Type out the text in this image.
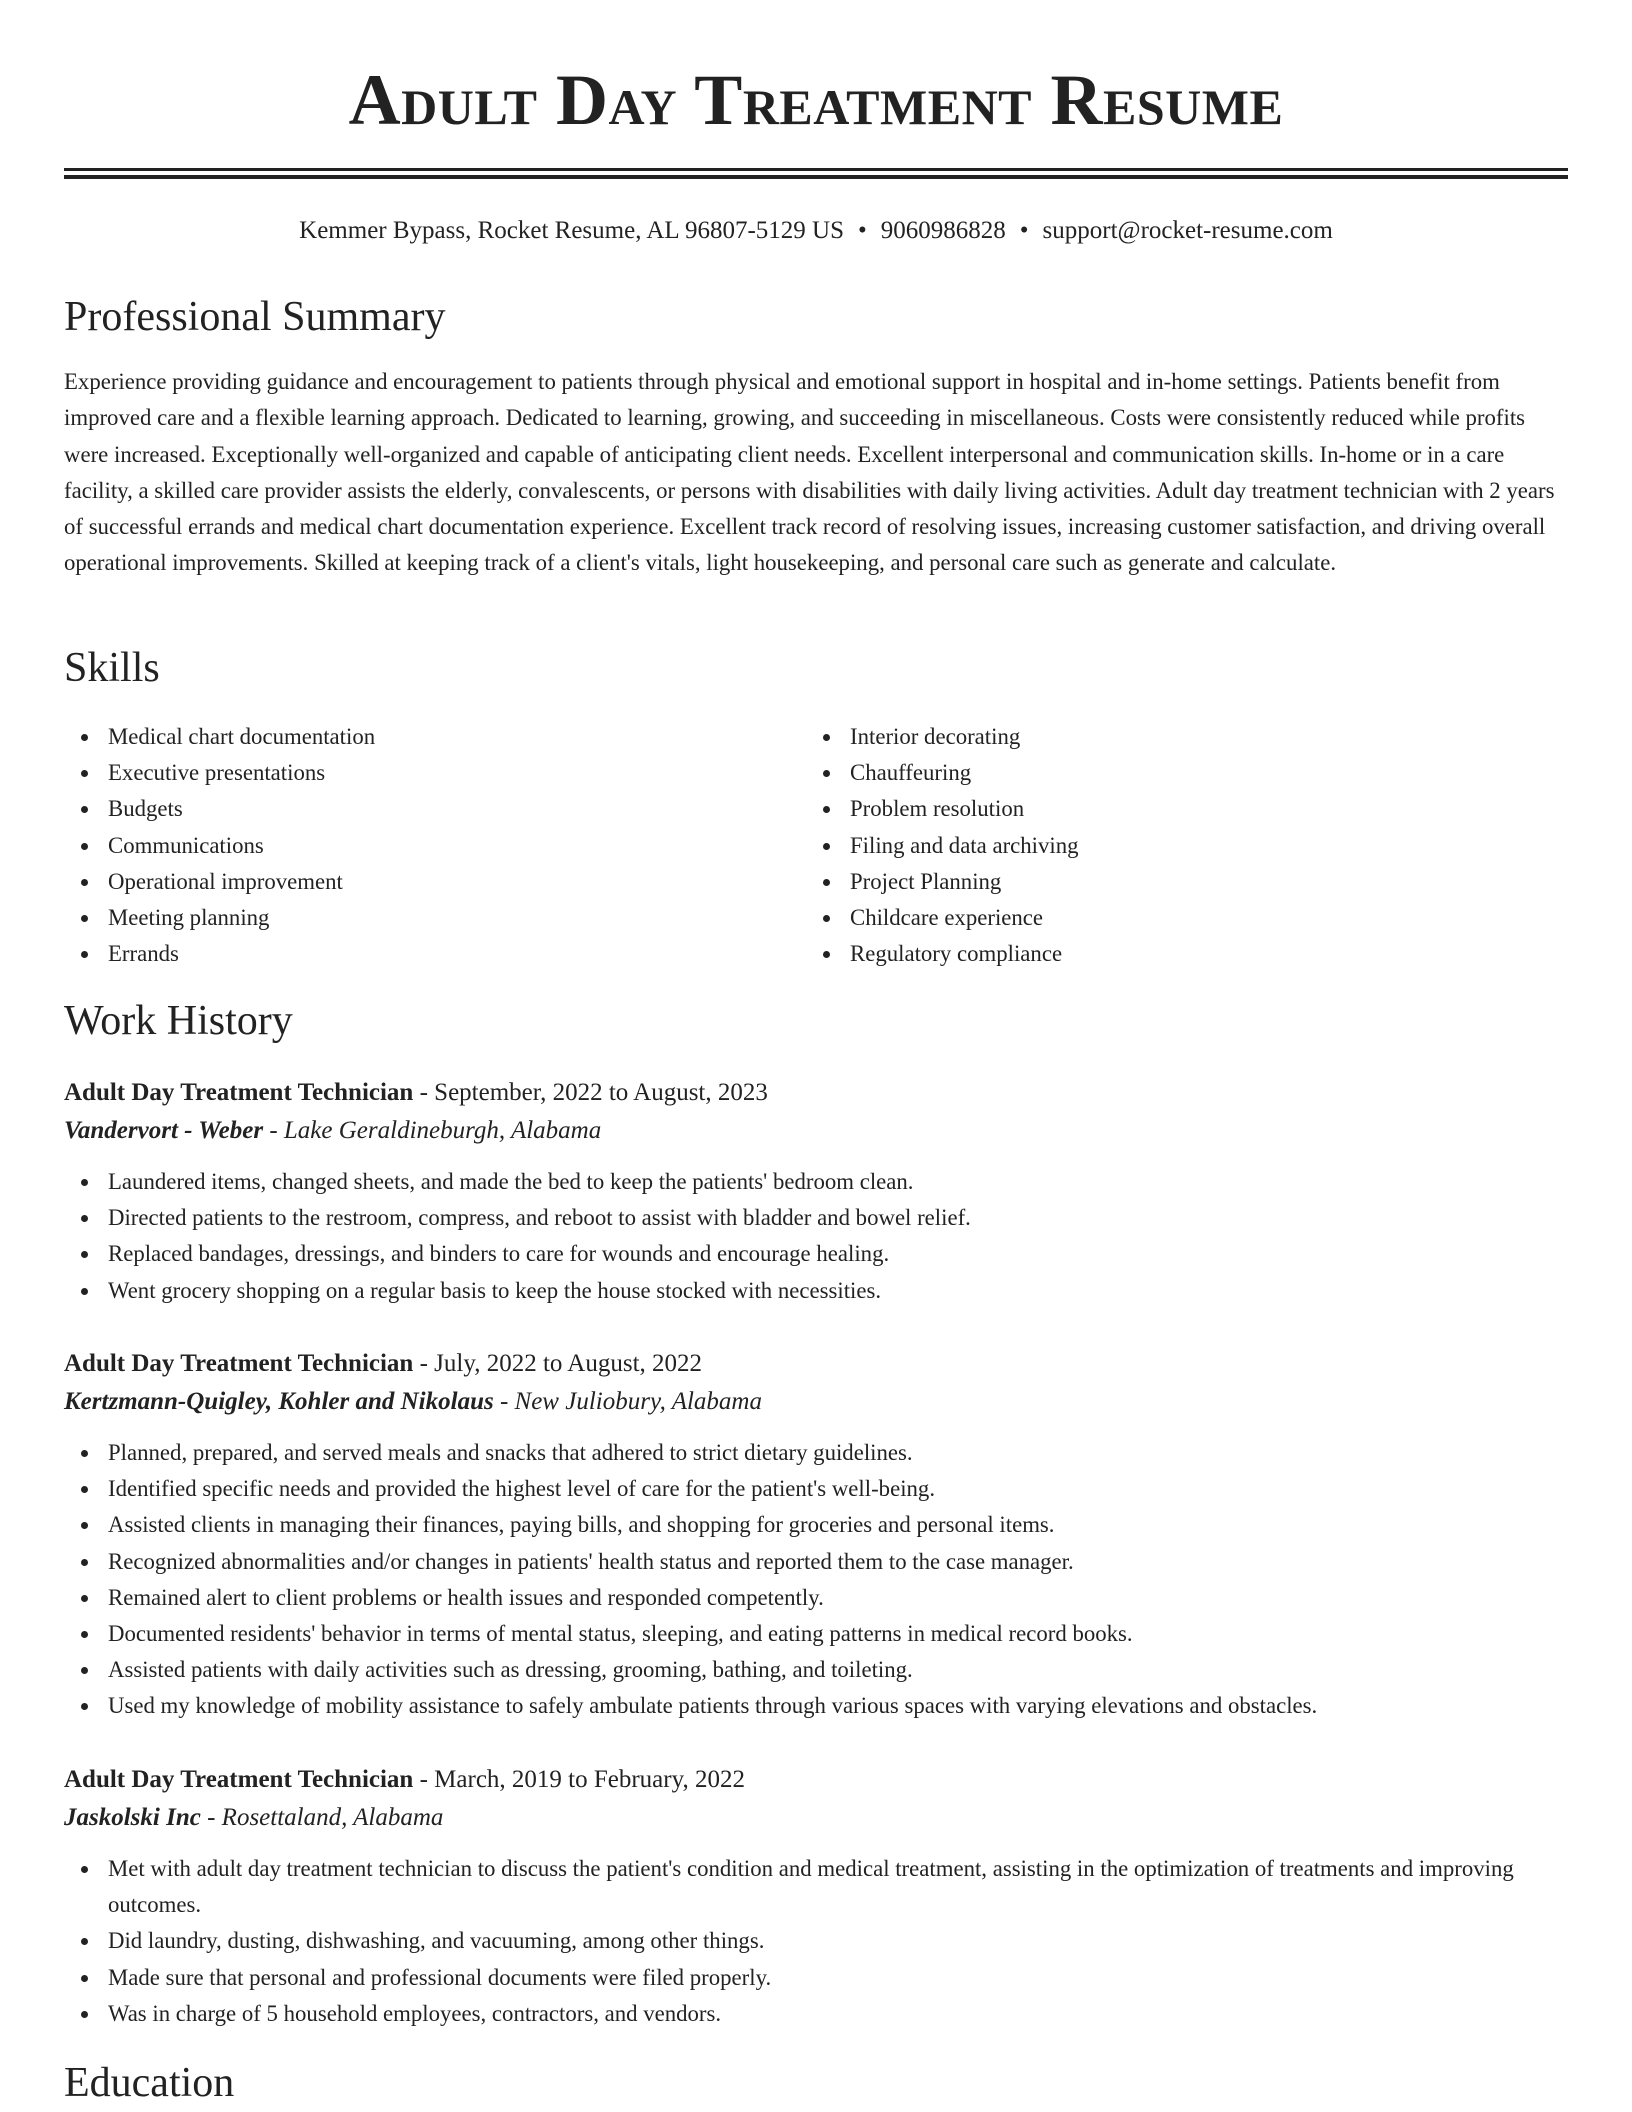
Adult Day Treatment Resume
Kemmer Bypass, Rocket Resume, AL 96807-5129 US • 9060986828 • support@rocket-resume.com
Professional Summary

Experience providing guidance and encouragement to patients through physical and emotional support in hospital and in-home settings. Patients benefit from improved care and a flexible learning approach. Dedicated to learning, growing, and succeeding in miscellaneous. Costs were consistently reduced while profits were increased. Exceptionally well-organized and capable of anticipating client needs. Excellent interpersonal and communication skills. In-home or in a care facility, a skilled care provider assists the elderly, convalescents, or persons with disabilities with daily living activities. Adult day treatment technician with 2 years of successful errands and medical chart documentation experience. Excellent track record of resolving issues, increasing customer satisfaction, and driving overall operational improvements. Skilled at keeping track of a client's vitals, light housekeeping, and personal care such as generate and calculate.

Skills
Medical chart documentation
Executive presentations
Budgets
Communications
Operational improvement
Meeting planning
Errands
Interior decorating
Chauffeuring
Problem resolution
Filing and data archiving
Project Planning
Childcare experience
Regulatory compliance
Work History
Adult Day Treatment Technician - September, 2022 to August, 2023
Vandervort - Weber - Lake Geraldineburgh, Alabama
Laundered items, changed sheets, and made the bed to keep the patients' bedroom clean.
Directed patients to the restroom, compress, and reboot to assist with bladder and bowel relief.
Replaced bandages, dressings, and binders to care for wounds and encourage healing.
Went grocery shopping on a regular basis to keep the house stocked with necessities.
Adult Day Treatment Technician - July, 2022 to August, 2022
Kertzmann-Quigley, Kohler and Nikolaus - New Juliobury, Alabama
Planned, prepared, and served meals and snacks that adhered to strict dietary guidelines.
Identified specific needs and provided the highest level of care for the patient's well-being.
Assisted clients in managing their finances, paying bills, and shopping for groceries and personal items.
Recognized abnormalities and/or changes in patients' health status and reported them to the case manager.
Remained alert to client problems or health issues and responded competently.
Documented residents' behavior in terms of mental status, sleeping, and eating patterns in medical record books.
Assisted patients with daily activities such as dressing, grooming, bathing, and toileting.
Used my knowledge of mobility assistance to safely ambulate patients through various spaces with varying elevations and obstacles.
Adult Day Treatment Technician - March, 2019 to February, 2022
Jaskolski Inc - Rosettaland, Alabama
Met with adult day treatment technician to discuss the patient's condition and medical treatment, assisting in the optimization of treatments and improving outcomes.
Did laundry, dusting, dishwashing, and vacuuming, among other things.
Made sure that personal and professional documents were filed properly.
Was in charge of 5 household employees, contractors, and vendors.
Education
